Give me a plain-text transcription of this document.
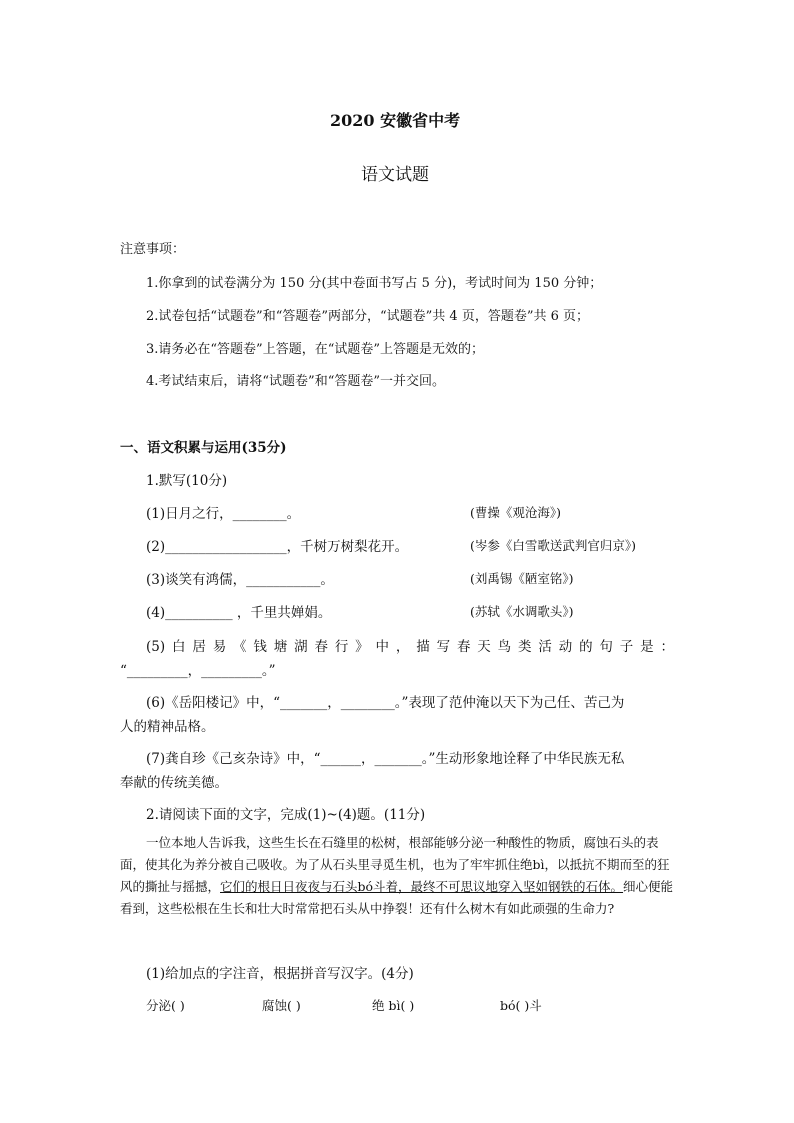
2020 安徽省中考
语文试题
注意事项：
1.你拿到的试卷满分为 150 分(其中卷面书写占 5 分)，考试时间为 150 分钟；
2.试卷包括“试题卷”和“答题卷”两部分，“试题卷”共 4 页，答题卷”共 6 页；
3.请务必在“答题卷”上答题，在“试题卷”上答题是无效的；
4.考试结束后，请将“试题卷”和“答题卷”一并交回。
一、语文积累与运用(35分)
1.默写(10分)
(1)日月之行，________。	(曹操《观沧海》)
(2)__________________，千树万树梨花开。	(岑参《白雪歌送武判官归京》)
(3)谈笑有鸿儒，___________。	(刘禹锡《陋室铭》)
(4)__________ ，千里共婵娟。	(苏轼《水调歌头》)
(5)白居易《钱塘湖春行》中，描写春天鸟类活动的句子是：
“_________，_________。”
(6)《岳阳楼记》中，“_______，________。”表现了范仲淹以天下为己任、苦己为
人的精神品格。
(7)龚自珍《己亥杂诗》中，“______，_______。”生动形象地诠释了中华民族无私
奉献的传统美德。
2.请阅读下面的文字，完成(1)~(4)题。(11分)
一位本地人告诉我，这些生长在石缝里的松树，根部能够分泌一种酸性的物质，腐蚀石头的表面，使其化为养分被自己吸收。为了从石头里寻觅生机，也为了牢牢抓住绝bì，以抵抗不期而至的狂风的撕扯与摇撼，它们的根日日夜夜与石头bó斗着，最终不可思议地穿入坚如钢铁的石体。细心便能看到，这些松根在生长和壮大时常常把石头从中挣裂！还有什么树木有如此顽强的生命力?
(1)给加点的字注音，根据拼音写汉字。(4分)
分泌( )	腐蚀( )	绝 bì( )	bó( )斗
